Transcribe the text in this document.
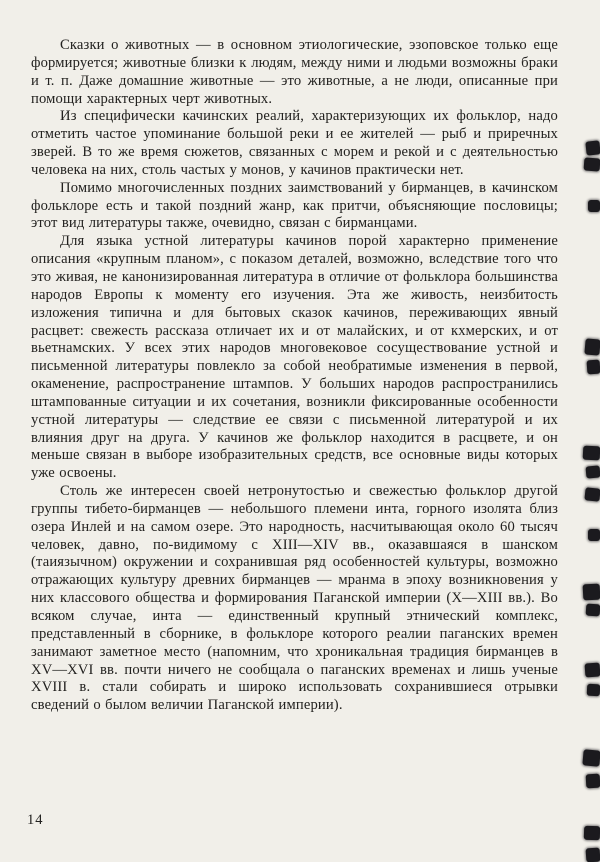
Сказки о животных — в основном этиологические, эзоповское только еще формируется; животные близки к людям, между ними и людьми возможны браки и т. п. Даже домашние животные — это животные, а не люди, описанные при помощи характерных черт животных.

Из специфически качинских реалий, характеризующих их фольклор, надо отметить частое упоминание большой реки и ее жителей — рыб и приречных зверей. В то же время сюжетов, связанных с морем и рекой и с деятельностью человека на них, столь частых у монов, у качинов практически нет.

Помимо многочисленных поздних заимствований у бирманцев, в качинском фольклоре есть и такой поздний жанр, как притчи, объясняющие пословицы; этот вид литературы также, очевидно, связан с бирманцами.

Для языка устной литературы качинов порой характерно применение описания «крупным планом», с показом деталей, возможно, вследствие того что это живая, не канонизированная литература в отличие от фольклора большинства народов Европы к моменту его изучения. Эта же живость, неизбитость изложения типична и для бытовых сказок качинов, переживающих явный расцвет: свежесть рассказа отличает их и от малайских, и от кхмерских, и от вьетнамских. У всех этих народов многовековое сосуществование устной и письменной литературы повлекло за собой необратимые изменения в первой, окаменение, распространение штампов. У больших народов распространились штампованные ситуации и их сочетания, возникли фиксированные особенности устной литературы — следствие ее связи с письменной литературой и их влияния друг на друга. У качинов же фольклор находится в расцвете, и он меньше связан в выборе изобразительных средств, все основные виды которых уже освоены.

Столь же интересен своей нетронутостью и свежестью фольклор другой группы тибето-бирманцев — небольшого племени инта, горного изолята близ озера Инлей и на самом озере. Это народность, насчитывающая около 60 тысяч человек, давно, по-видимому с XIII—XIV вв., оказавшаяся в шанском (таиязычном) окружении и сохранившая ряд особенностей культуры, возможно отражающих культуру древних бирманцев — мранма в эпоху возникновения у них классового общества и формирования Паганской империи (X—XIII вв.). Во всяком случае, инта — единственный крупный этнический комплекс, представленный в сборнике, в фольклоре которого реалии паганских времен занимают заметное место (напомним, что хроникальная традиция бирманцев в XV—XVI вв. почти ничего не сообщала о паганских временах и лишь ученые XVIII в. стали собирать и широко использовать сохранившиеся отрывки сведений о былом величии Паганской империи).

14
